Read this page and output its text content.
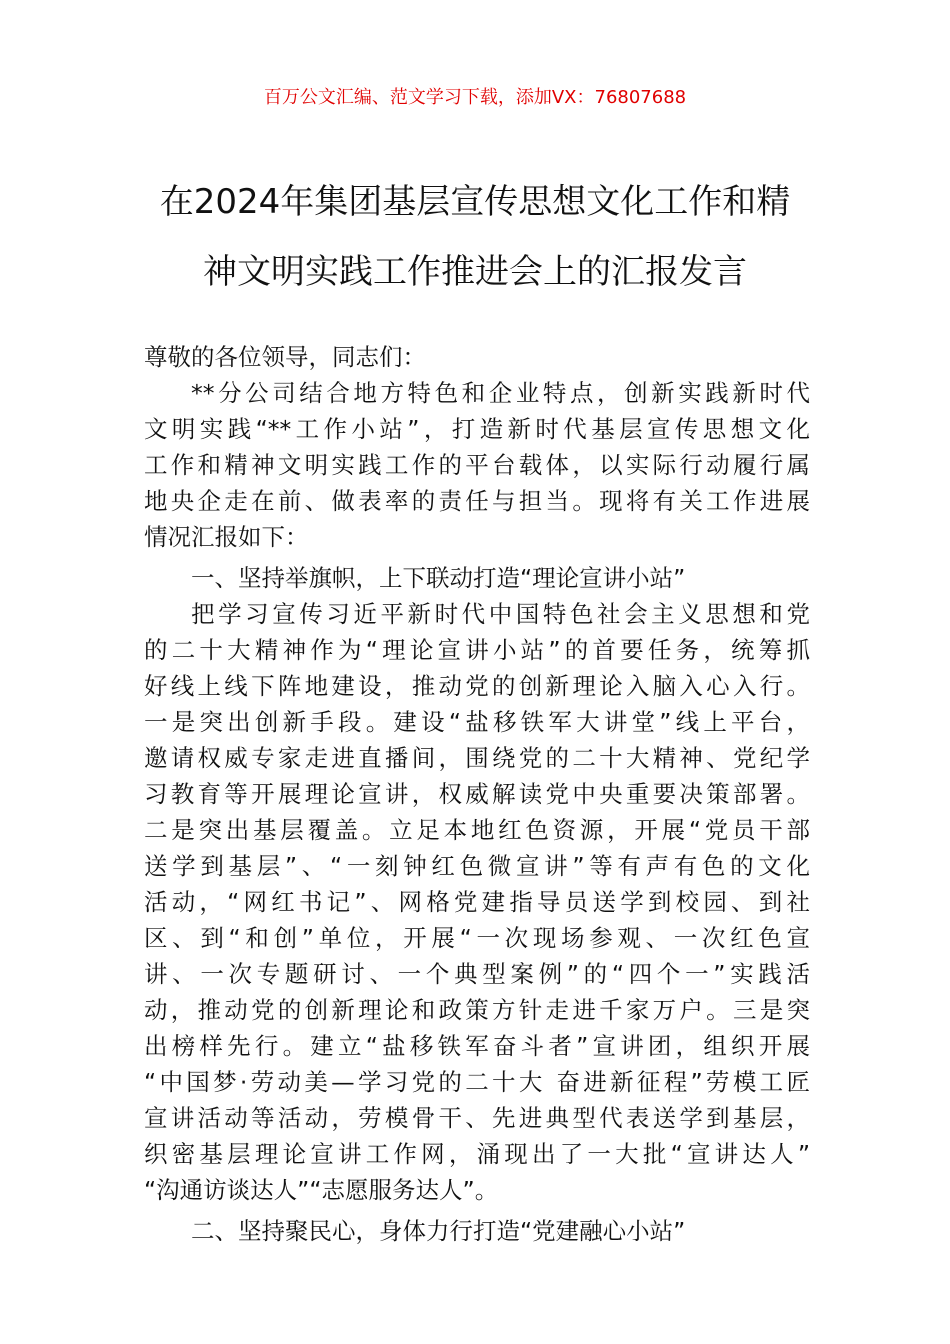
百万公文汇编、范文学习下载，添加VX：76807688
在2024年集团基层宣传思想文化工作和精
神文明实践工作推进会上的汇报发言
尊敬的各位领导，同志们：
**分公司结合地方特色和企业特点，创新实践新时代
文明实践“**工作小站”，打造新时代基层宣传思想文化
工作和精神文明实践工作的平台载体，以实际行动履行属
地央企走在前、做表率的责任与担当。现将有关工作进展
情况汇报如下：
一、坚持举旗帜，上下联动打造“理论宣讲小站”
把学习宣传习近平新时代中国特色社会主义思想和党
的二十大精神作为“理论宣讲小站”的首要任务，统筹抓
好线上线下阵地建设，推动党的创新理论入脑入心入行。
一是突出创新手段。建设“盐移铁军大讲堂”线上平台，
邀请权威专家走进直播间，围绕党的二十大精神、党纪学
习教育等开展理论宣讲，权威解读党中央重要决策部署。
二是突出基层覆盖。立足本地红色资源，开展“党员干部
送学到基层”、“一刻钟红色微宣讲”等有声有色的文化
活动，“网红书记”、网格党建指导员送学到校园、到社
区、到“和创”单位，开展“一次现场参观、一次红色宣
讲、一次专题研讨、一个典型案例”的“四个一”实践活
动，推动党的创新理论和政策方针走进千家万户。三是突
出榜样先行。建立“盐移铁军奋斗者”宣讲团，组织开展
“中国梦·劳动美—学习党的二十大 奋进新征程”劳模工匠
宣讲活动等活动，劳模骨干、先进典型代表送学到基层，
织密基层理论宣讲工作网，涌现出了一大批“宣讲达人”
“沟通访谈达人”“志愿服务达人”。
二、坚持聚民心，身体力行打造“党建融心小站”
